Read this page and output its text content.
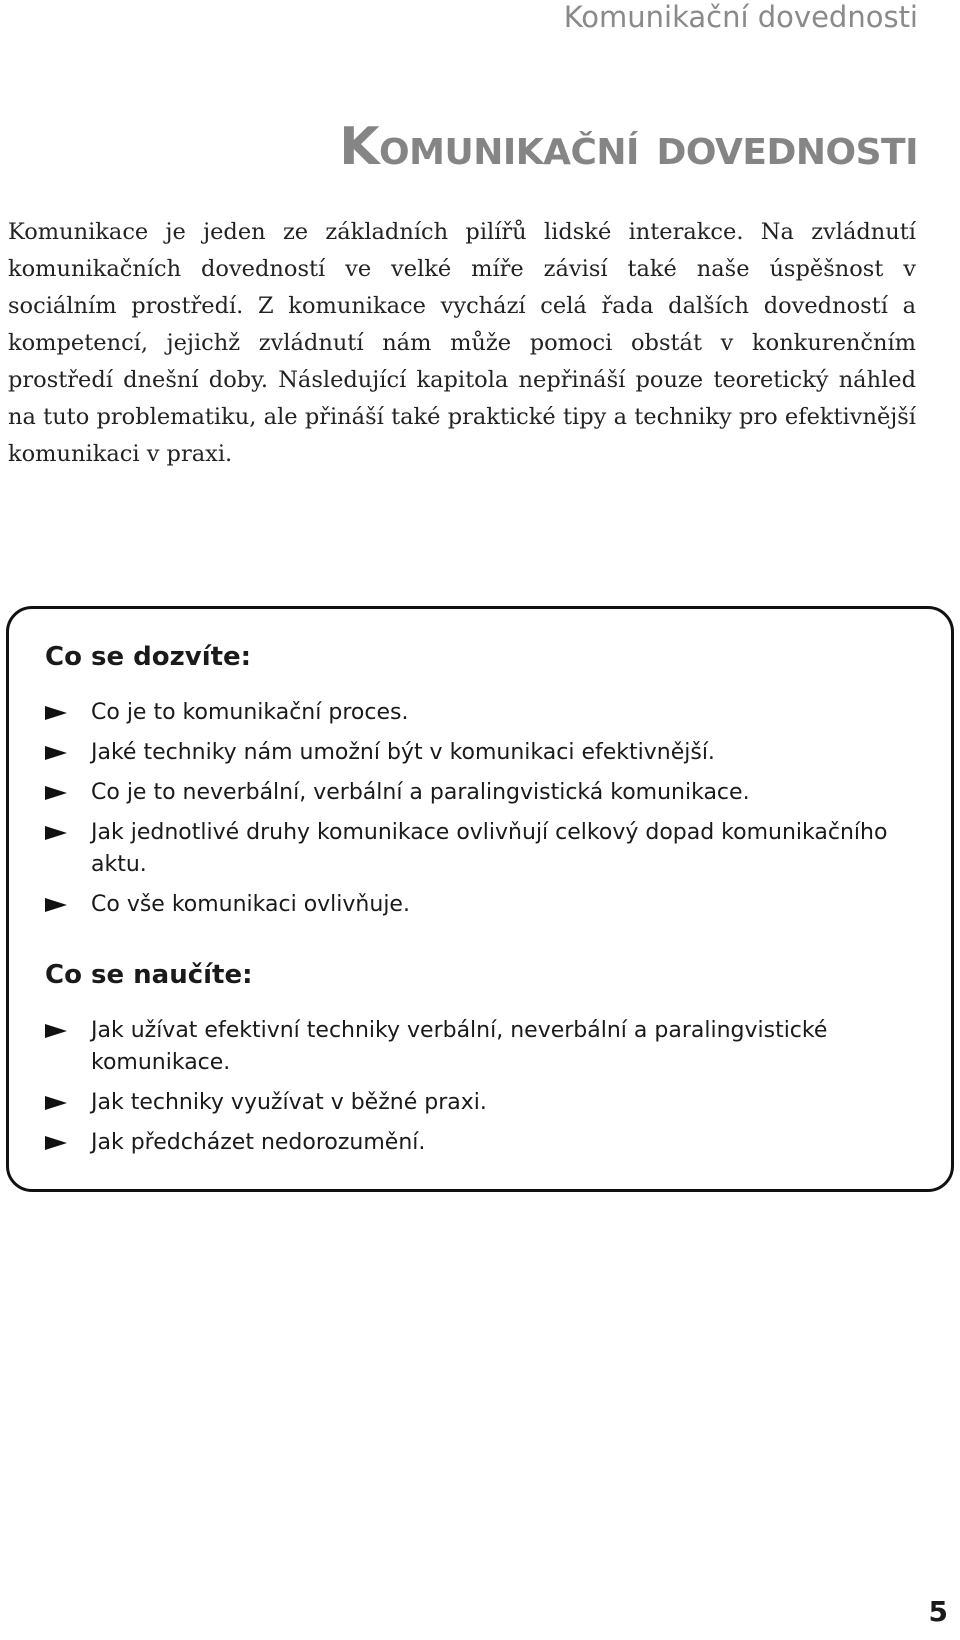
Komunikační dovednosti
Komunikační dovednosti

Komunikace je jeden ze základních pilířů lidské interakce. Na zvládnutí komunikačních dovedností ve velké míře závisí také naše úspěšnost v sociálním prostředí. Z komunikace vychází celá řada dalších dovedností a kompetencí, jejichž zvládnutí nám může pomoci obstát v konkurenčním prostředí dnešní doby. Následující kapitola nepřináší pouze teoretický náhled na tuto problematiku, ale přináší také praktické tipy a techniky pro efektivnější komunikaci v praxi.

Co se dozvíte:
Co je to komunikační proces.
Jaké techniky nám umožní být v komunikaci efektivnější.
Co je to neverbální, verbální a paralingvistická komunikace.
Jak jednotlivé druhy komunikace ovlivňují celkový dopad komunikačního aktu.
Co vše komunikaci ovlivňuje.
Co se naučíte:
Jak užívat efektivní techniky verbální, neverbální a paralingvistické komunikace.
Jak techniky využívat v běžné praxi.
Jak předcházet nedorozumění.
5
